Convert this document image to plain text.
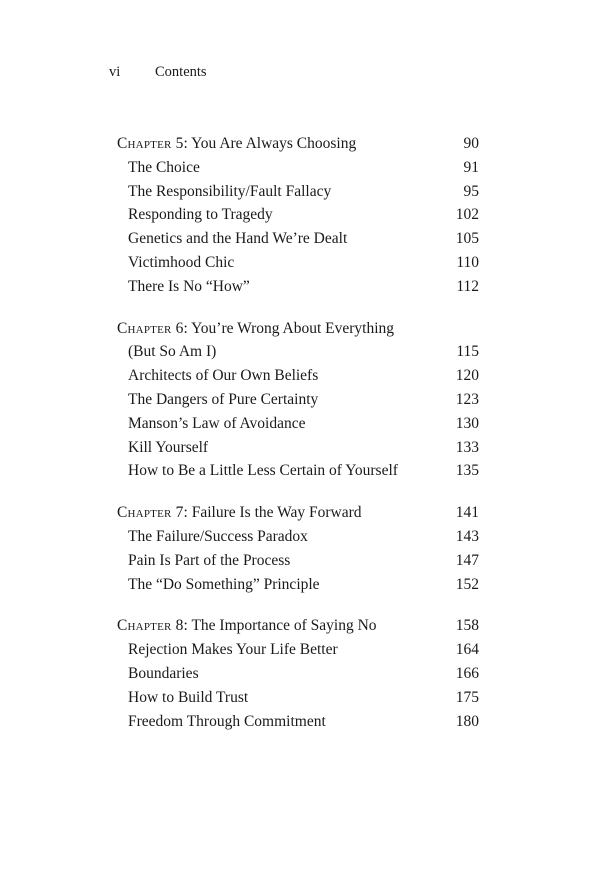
vi	Contents
Chapter 5: You Are Always Choosing	90
The Choice	91
The Responsibility/Fault Fallacy	95
Responding to Tragedy	102
Genetics and the Hand We’re Dealt	105
Victimhood Chic	110
There Is No “How”	112
Chapter 6: You’re Wrong About Everything
(But So Am I)	115
Architects of Our Own Beliefs	120
The Dangers of Pure Certainty	123
Manson’s Law of Avoidance	130
Kill Yourself	133
How to Be a Little Less Certain of Yourself	135
Chapter 7: Failure Is the Way Forward	141
The Failure/Success Paradox	143
Pain Is Part of the Process	147
The “Do Something” Principle	152
Chapter 8: The Importance of Saying No	158
Rejection Makes Your Life Better	164
Boundaries	166
How to Build Trust	175
Freedom Through Commitment	180
